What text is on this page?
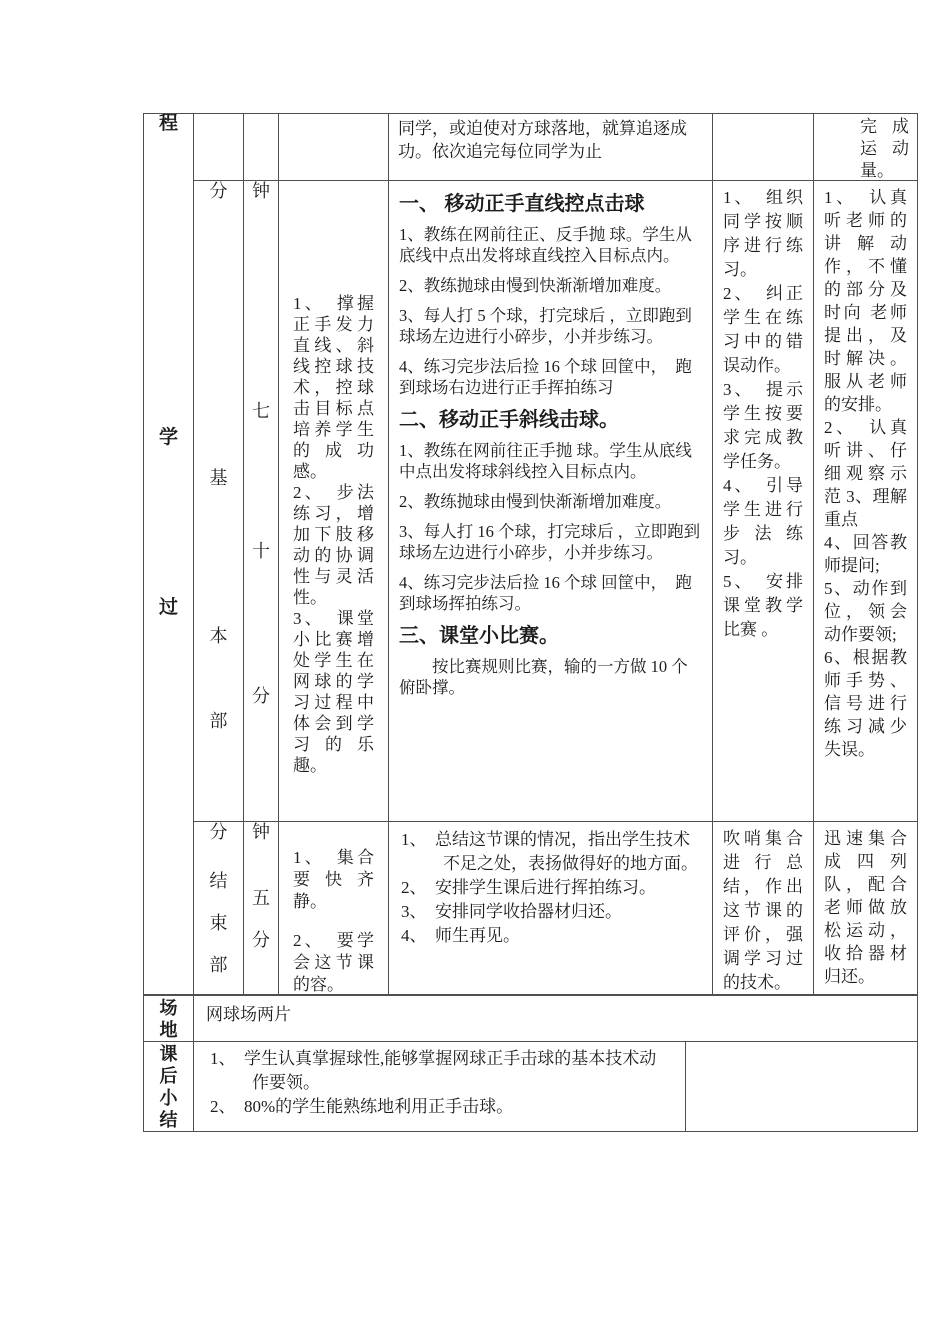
学
过
程	同学，或迫使对方球落地，就算追逐成功。依次追完每位同学为止
完成运动量。
基
本
部
分
七
十
分
钟

1、　撑握正手发力直线、斜线控球技术，控球击目标点培养学生的成功感。

2、　步法练习，增加下肢移动的协调性与灵活性。

3、　课堂小比赛增处学生在网球的学习过程中体会到学习的乐趣。

一、 移动正手直线控点击球
1、教练在网前往正、反手抛 球。学生从底线中点出发将球直线控入目标点内。
2、教练抛球由慢到快渐渐增加难度。
3、每人打 5 个球，打完球后 ，立即跑到球场左边进行小碎步，小并步练习。
4、练习完步法后捡 16 个球 回筐中，　跑到球场右边进行正手挥拍练习
二、移动正手斜线击球。
1、教练在网前往正手抛 球。学生从底线中点出发将球斜线控入目标点内。
2、教练抛球由慢到快渐渐增加难度。
3、每人打 16 个球，打完球后 ，立即跑到球场左边进行小碎步，小并步练习。
4、练习完步法后捡 16 个球 回筐中，　跑到球场挥拍练习。
三、课堂小比赛。
按比赛规则比赛，输的一方做 10 个俯卧撑。

1、　组织同学按顺序进行练习。

2、　纠正学生在练习中的错误动作。

3、　提示学生按要求完成教学任务。

4、　引导学生进行步法练习。

5、　安排课堂教学比赛 。

1、　认真听老师的讲解动作，不懂的部分及时向 老师提出，及时解决。服从老师的安排。

2、　认真听讲、仔细观察示范 3、理解重点

4、回答教师提问;

5、动作到位，领会动作要领;

6、根据教师手势、信号进行练习减少失误。

结
束
部
分
五
分
钟

1、　集合要快齐静。

2、　要学会这节课的容。

1、　总结这节课的情况，指出学生技术不足之处，表扬做得好的地方面。

2、　安排学生课后进行挥拍练习。

3、　安排同学收拾器材归还。

4、　师生再见。

吹哨集合进行总结，作出这节课的评价，强调学习过的技术。
迅速集合成四列队，配合老师做放松运动，收拾器材归还。
场
地
网球场两片
课
后
小
结

1、　学生认真掌握球性,能够掌握网球正手击球的基本技术动作要领。

2、　80%的学生能熟练地利用正手击球。
